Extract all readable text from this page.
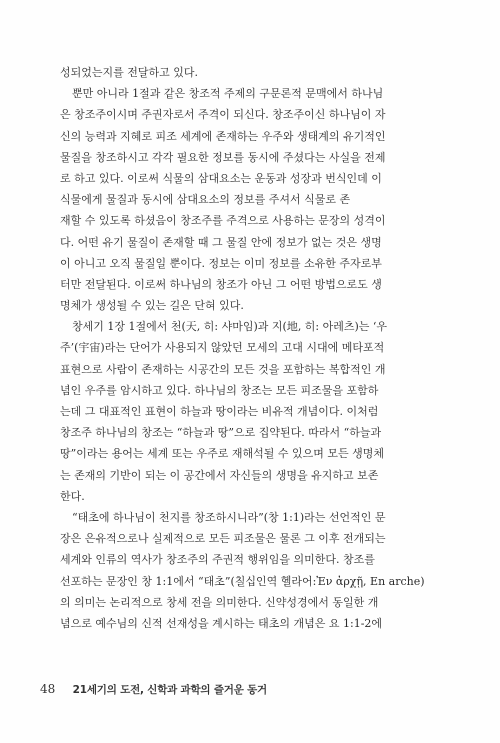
성되었는지를 전달하고 있다.
뿐만 아니라 1절과 같은 창조적 주제의 구문론적 문맥에서 하나님
은 창조주이시며 주권자로서 주격이 되신다. 창조주이신 하나님이 자
신의 능력과 지혜로 피조 세계에 존재하는 우주와 생태계의 유기적인
물질을 창조하시고 각각 필요한 정보를 동시에 주셨다는 사실을 전제
로 하고 있다. 이로써 식물의 삼대요소는 운동과 성장과 번식인데 이
식물에게 물질과 동시에 삼대요소의 정보를 주셔서 식물로 존
재할 수 있도록 하셨음이 창조주를 주격으로 사용하는 문장의 성격이
다. 어떤 유기 물질이 존재할 때 그 물질 안에 정보가 없는 것은 생명
이 아니고 오직 물질일 뿐이다. 정보는 이미 정보를 소유한 주자로부
터만 전달된다. 이로써 하나님의 창조가 아닌 그 어떤 방법으로도 생
명체가 생성될 수 있는 길은 단혀 있다.
창세기 1장 1절에서 천(天, 히: 샤마임)과 지(地, 히: 아레츠)는 ‘우
주’(宇宙)라는 단어가 사용되지 않았던 모세의 고대 시대에 메타포적
표현으로 사람이 존재하는 시공간의 모든 것을 포함하는 복합적인 개
념인 우주를 암시하고 있다. 하나님의 창조는 모든 피조물을 포함하
는데 그 대표적인 표현이 하늘과 땅이라는 비유적 개념이다. 이처럼
창조주 하나님의 창조는 “하늘과 땅”으로 집약된다. 따라서 “하늘과
땅”이라는 용어는 세계 또는 우주로 재해석될 수 있으며 모든 생명체
는 존재의 기반이 되는 이 공간에서 자신들의 생명을 유지하고 보존
한다.
“태초에 하나님이 천지를 창조하시니라”(창 1:1)라는 선언적인 문
장은 은유적으로나 실제적으로 모든 피조물은 물론 그 이후 전개되는
세계와 인류의 역사가 창조주의 주권적 행위임을 의미한다. 창조를
선포하는 문장인 창 1:1에서 “태초”(칠십인역 헬라어:Ἐν ἀρχῇ, En arche)
의 의미는 논리적으로 창세 전을 의미한다. 신약성경에서 동일한 개
념으로 예수님의 신적 선재성을 계시하는 태초의 개념은 요 1:1-2에
48 21세기의 도전, 신학과 과학의 즐거운 동거
